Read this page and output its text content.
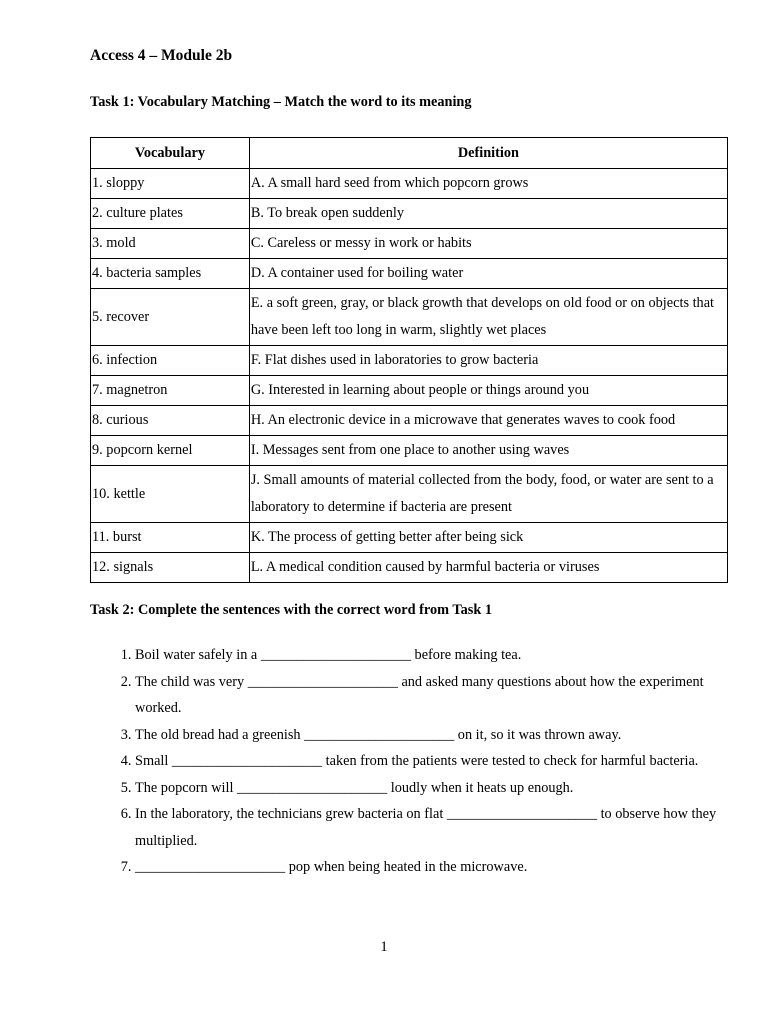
Access 4 – Module 2b
Task 1: Vocabulary Matching – Match the word to its meaning
Vocabulary	Definition
1. sloppy	A. A small hard seed from which popcorn grows
2. culture plates	B. To break open suddenly
3. mold	C. Careless or messy in work or habits
4. bacteria samples	D. A container used for boiling water
5. recover	E. a soft green, gray, or black growth that develops on old food or on objects that have been left too long in warm, slightly wet places
6. infection	F. Flat dishes used in laboratories to grow bacteria
7. magnetron	G. Interested in learning about people or things around you
8. curious	H. An electronic device in a microwave that generates waves to cook food
9. popcorn kernel	I. Messages sent from one place to another using waves
10. kettle	J. Small amounts of material collected from the body, food, or water are sent to a laboratory to determine if bacteria are present
11. burst	K. The process of getting better after being sick
12. signals	L. A medical condition caused by harmful bacteria or viruses
Task 2: Complete the sentences with the correct word from Task 1
1. Boil water safely in a _____________________ before making tea.
2. The child was very _____________________ and asked many questions about how the experiment worked.
3. The old bread had a greenish _____________________ on it, so it was thrown away.
4. Small _____________________ taken from the patients were tested to check for harmful bacteria.
5. The popcorn will _____________________ loudly when it heats up enough.
6. In the laboratory, the technicians grew bacteria on flat _____________________ to observe how they multiplied.
7. _____________________ pop when being heated in the microwave.
1
